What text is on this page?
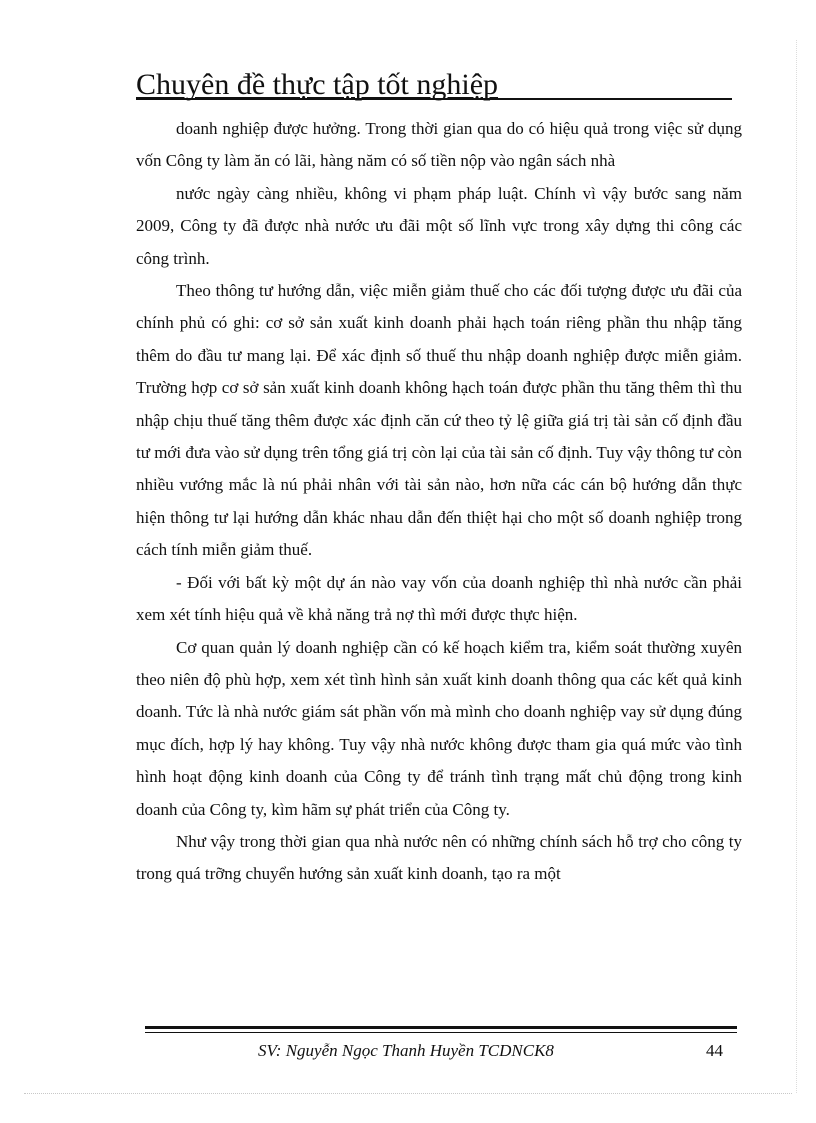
Chuyên đề thực tập tốt nghiệp

doanh nghiệp được hưởng. Trong thời gian qua do có hiệu quả trong việc sử dụng vốn Công ty làm ăn có lãi, hàng năm có số tiền nộp vào ngân sách nhà

nước ngày càng nhiều, không vi phạm pháp luật. Chính vì vậy bước sang năm 2009, Công ty đã được nhà nước ưu đãi một số lĩnh vực trong xây dựng thi công các công trình.

Theo thông tư hướng dẫn, việc miễn giảm thuế cho các đối tượng được ưu đãi của chính phủ có ghi: cơ sở sản xuất kinh doanh phải hạch toán riêng phần thu nhập tăng thêm do đầu tư mang lại. Để xác định số thuế thu nhập doanh nghiệp được miễn giảm. Trường hợp cơ sở sản xuất kinh doanh không hạch toán được phần thu tăng thêm thì thu nhập chịu thuế tăng thêm được xác định căn cứ theo tỷ lệ giữa giá trị tài sản cố định đầu tư mới đưa vào sử dụng trên tổng giá trị còn lại của tài sản cố định. Tuy vậy thông tư còn nhiều vướng mắc là nú phải nhân với tài sản nào, hơn nữa các cán bộ hướng dẫn thực hiện thông tư lại hướng dẫn khác nhau dẫn đến thiệt hại cho một số doanh nghiệp trong cách tính miễn giảm thuế.

- Đối với bất kỳ một dự án nào vay vốn của doanh nghiệp thì nhà nước cần phải xem xét tính hiệu quả về khả năng trả nợ thì mới được thực hiện.

Cơ quan quản lý doanh nghiệp cần có kế hoạch kiểm tra, kiểm soát thường xuyên theo niên độ phù hợp, xem xét tình hình sản xuất kinh doanh thông qua các kết quả kinh doanh. Tức là nhà nước giám sát phần vốn mà mình cho doanh nghiệp vay sử dụng đúng mục đích, hợp lý hay không. Tuy vậy nhà nước không được tham gia quá mức vào tình hình hoạt động kinh doanh của Công ty để tránh tình trạng mất chủ động trong kinh doanh của Công ty, kìm hãm sự phát triển của Công ty.

Như vậy trong thời gian qua nhà nước nên có những chính sách hỗ trợ cho công ty trong quá trỡng chuyển hướng sản xuất kinh doanh, tạo ra một

SV: Nguyễn Ngọc Thanh Huyền TCDNCK8	44
